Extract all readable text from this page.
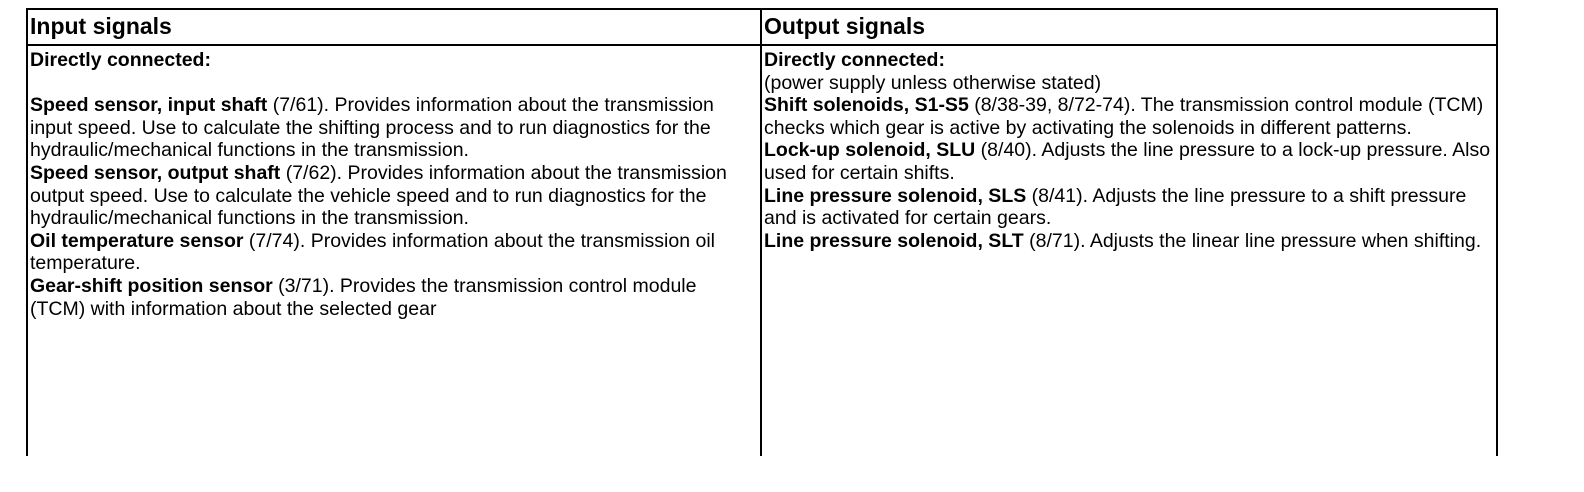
Input signals	Output signals
Directly connected:
Speed sensor, input shaft (7/61). Provides information about the transmission input speed. Use to calculate the shifting process and to run diagnostics for the hydraulic/mechanical functions in the transmission.
Speed sensor, output shaft (7/62). Provides information about the transmission output speed. Use to calculate the vehicle speed and to run diagnostics for the hydraulic/mechanical functions in the transmission.
Oil temperature sensor (7/74). Provides information about the transmission oil temperature.
Gear-shift position sensor (3/71). Provides the transmission control module (TCM) with information about the selected gear
Directly connected:
(power supply unless otherwise stated)
Shift solenoids, S1-S5 (8/38-39, 8/72-74). The transmission control module (TCM) checks which gear is active by activating the solenoids in different patterns.
Lock-up solenoid, SLU (8/40). Adjusts the line pressure to a lock-up pressure. Also used for certain shifts.
Line pressure solenoid, SLS (8/41). Adjusts the line pressure to a shift pressure and is activated for certain gears.
Line pressure solenoid, SLT (8/71). Adjusts the linear line pressure when shifting.
